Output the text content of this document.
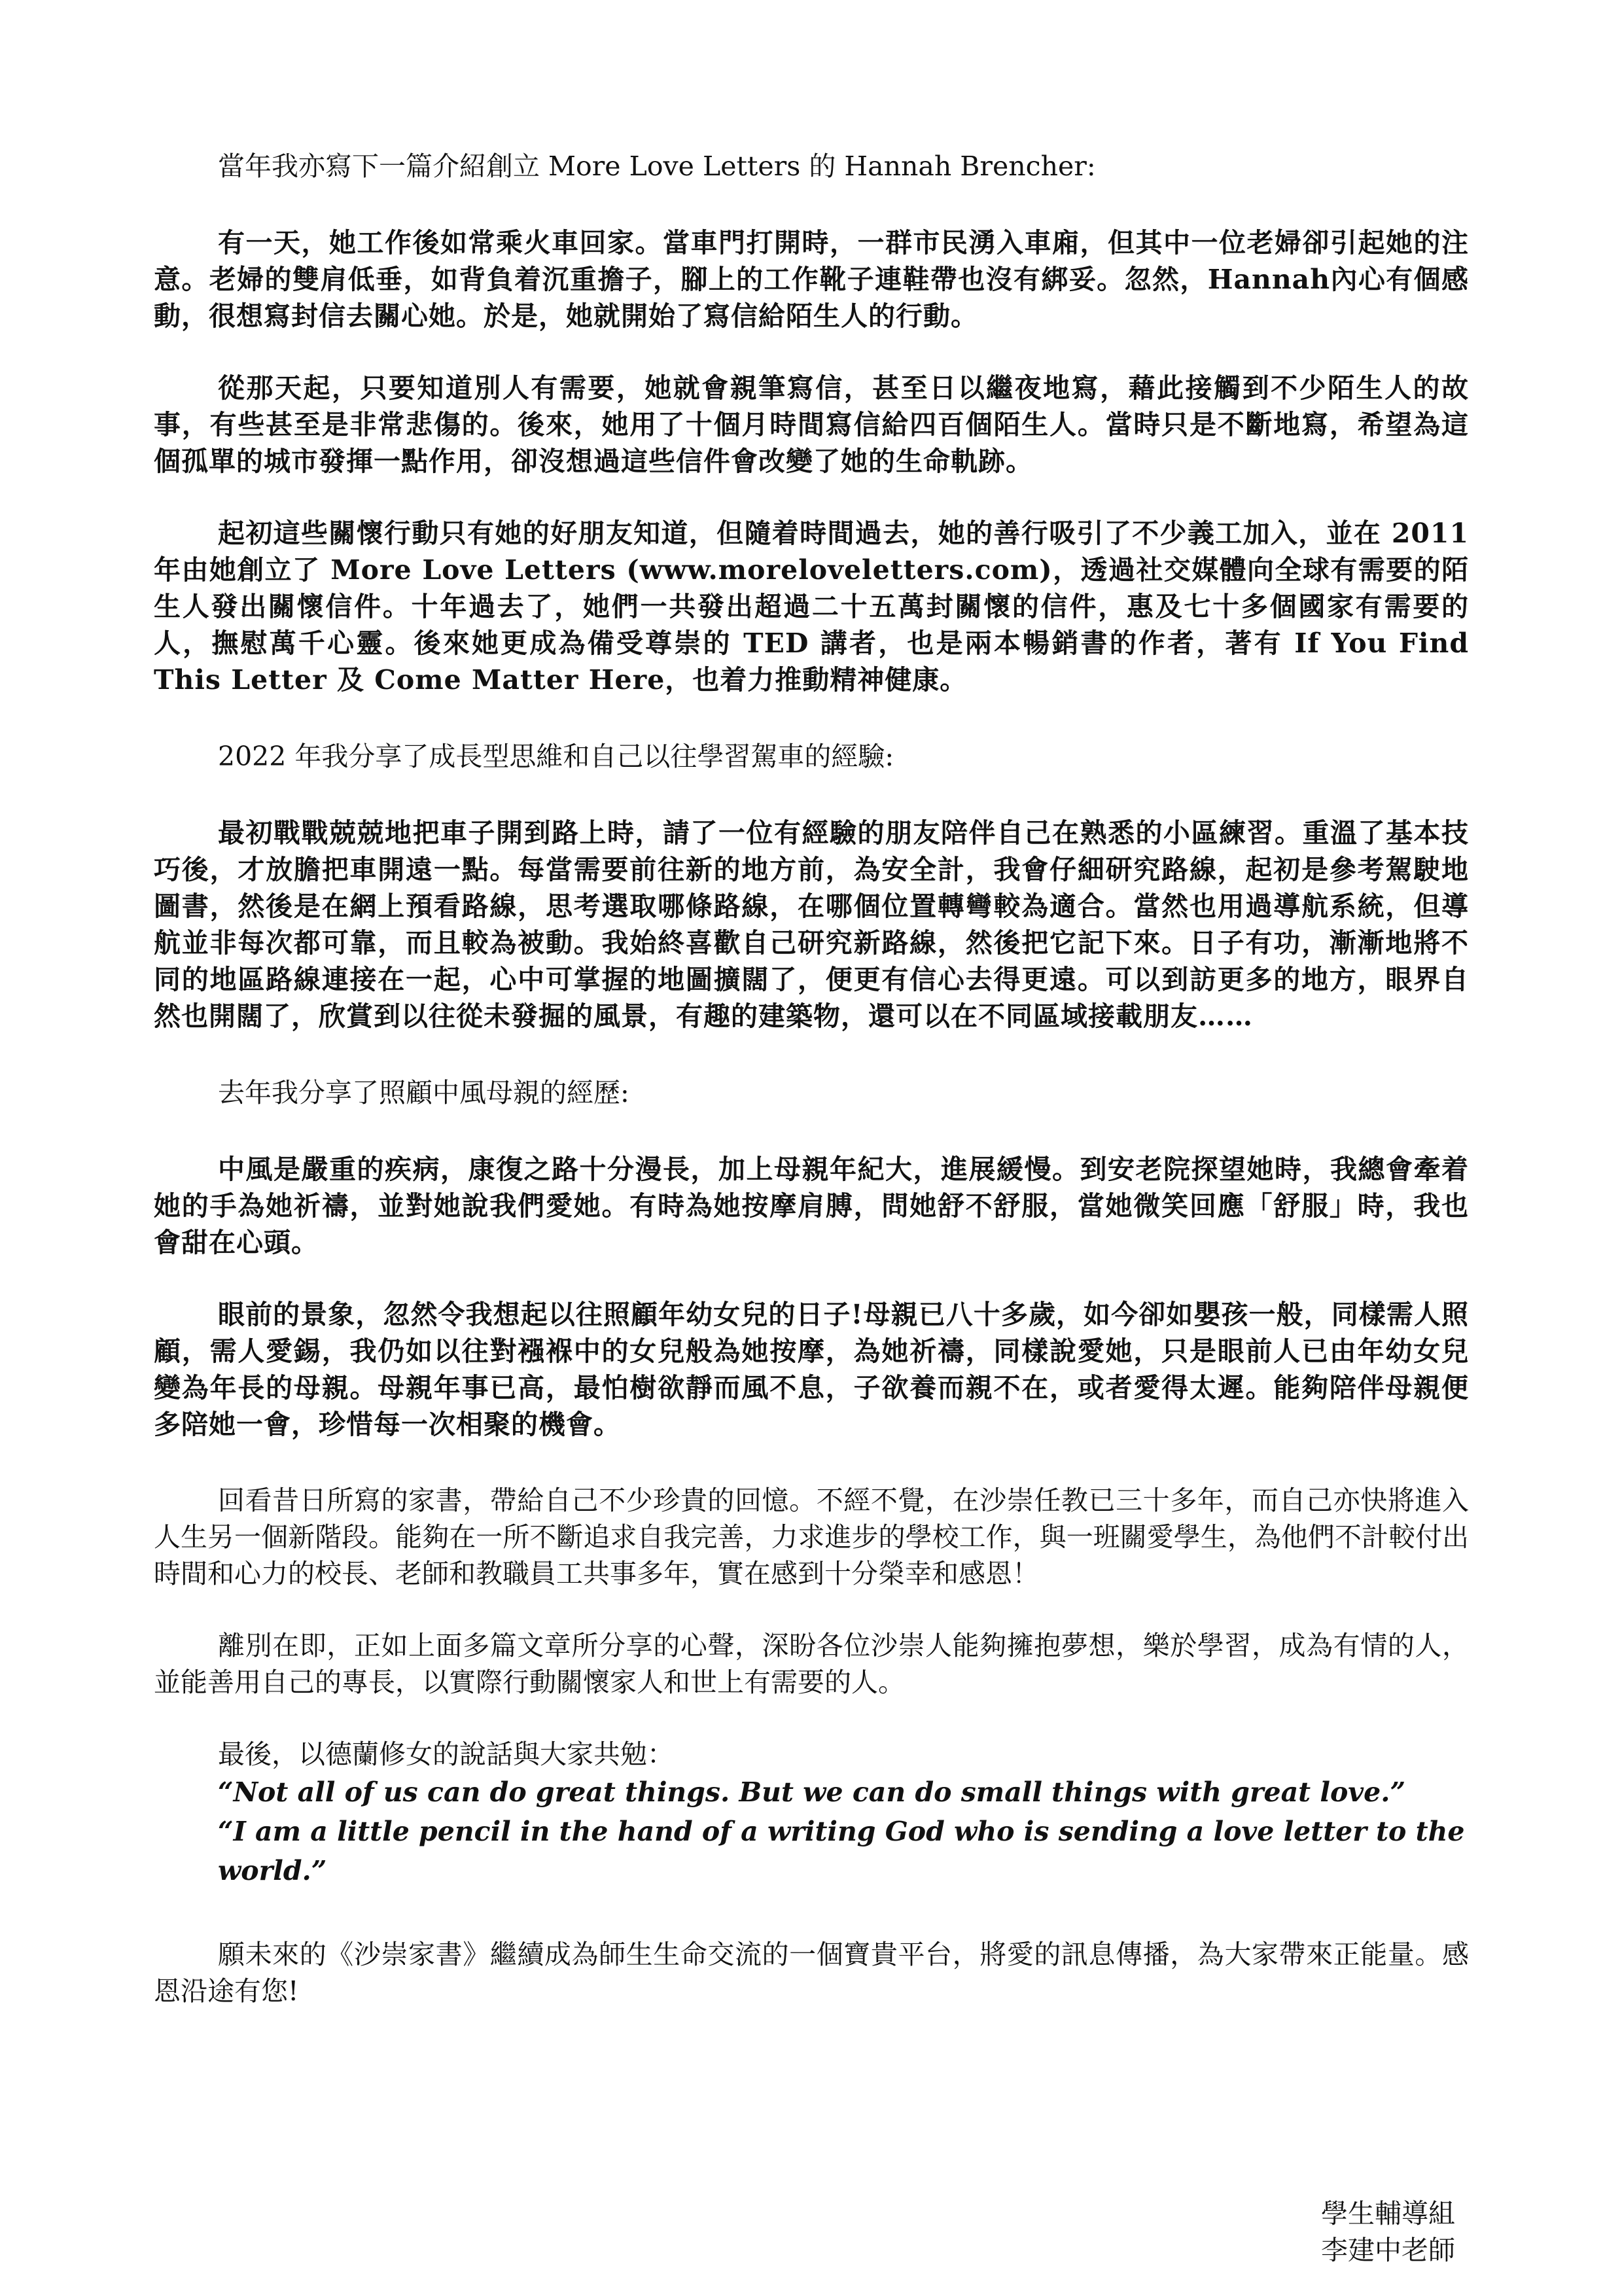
當年我亦寫下一篇介紹創立 More Love Letters 的 Hannah Brencher:

有一天，她工作後如常乘火車回家。當車門打開時，一群市民湧入車廂，但其中一位老婦卻引起她的注意。老婦的雙肩低垂，如背負着沉重擔子，腳上的工作靴子連鞋帶也沒有綁妥。忽然，Hannah內心有個感動，很想寫封信去關心她。於是，她就開始了寫信給陌生人的行動。

從那天起，只要知道別人有需要，她就會親筆寫信，甚至日以繼夜地寫，藉此接觸到不少陌生人的故事，有些甚至是非常悲傷的。後來，她用了十個月時間寫信給四百個陌生人。當時只是不斷地寫，希望為這個孤單的城市發揮一點作用，卻沒想過這些信件會改變了她的生命軌跡。

起初這些關懷行動只有她的好朋友知道，但隨着時間過去，她的善行吸引了不少義工加入，並在 2011 年由她創立了 More Love Letters (www.moreloveletters.com)，透過社交媒體向全球有需要的陌生人發出關懷信件。十年過去了，她們一共發出超過二十五萬封關懷的信件，惠及七十多個國家有需要的人，撫慰萬千心靈。後來她更成為備受尊崇的 TED 講者，也是兩本暢銷書的作者，著有 If You Find This Letter 及 Come Matter Here，也着力推動精神健康。

2022 年我分享了成長型思維和自己以往學習駕車的經驗:

最初戰戰兢兢地把車子開到路上時，請了一位有經驗的朋友陪伴自己在熟悉的小區練習。重溫了基本技巧後，才放膽把車開遠一點。每當需要前往新的地方前，為安全計，我會仔細研究路線，起初是參考駕駛地圖書，然後是在網上預看路線，思考選取哪條路線，在哪個位置轉彎較為適合。當然也用過導航系統，但導航並非每次都可靠，而且較為被動。我始終喜歡自己研究新路線，然後把它記下來。日子有功，漸漸地將不同的地區路線連接在一起，心中可掌握的地圖擴闊了，便更有信心去得更遠。可以到訪更多的地方，眼界自然也開闊了，欣賞到以往從未發掘的風景，有趣的建築物，還可以在不同區域接載朋友……

去年我分享了照顧中風母親的經歷:

中風是嚴重的疾病，康復之路十分漫長，加上母親年紀大，進展緩慢。到安老院探望她時，我總會牽着她的手為她祈禱，並對她說我們愛她。有時為她按摩肩膊，問她舒不舒服，當她微笑回應「舒服」時，我也會甜在心頭。

眼前的景象，忽然令我想起以往照顧年幼女兒的日子!母親已八十多歲，如今卻如嬰孩一般，同樣需人照顧，需人愛錫，我仍如以往對襁褓中的女兒般為她按摩，為她祈禱，同樣說愛她，只是眼前人已由年幼女兒變為年長的母親。母親年事已高，最怕樹欲靜而風不息，子欲養而親不在，或者愛得太遲。能夠陪伴母親便多陪她一會，珍惜每一次相聚的機會。

回看昔日所寫的家書，帶給自己不少珍貴的回憶。不經不覺，在沙崇任教已三十多年，而自己亦快將進入人生另一個新階段。能夠在一所不斷追求自我完善，力求進步的學校工作，與一班關愛學生，為他們不計較付出時間和心力的校長、老師和教職員工共事多年，實在感到十分榮幸和感恩！

離別在即，正如上面多篇文章所分享的心聲，深盼各位沙崇人能夠擁抱夢想，樂於學習，成為有情的人，並能善用自己的專長，以實際行動關懷家人和世上有需要的人。

最後，以德蘭修女的說話與大家共勉：

“Not all of us can do great things. But we can do small things with great love.”

“I am a little pencil in the hand of a writing God who is sending a love letter to the world.”

願未來的《沙崇家書》繼續成為師生生命交流的一個寶貴平台，將愛的訊息傳播，為大家帶來正能量。感恩沿途有您!

學生輔導組
李建中老師
